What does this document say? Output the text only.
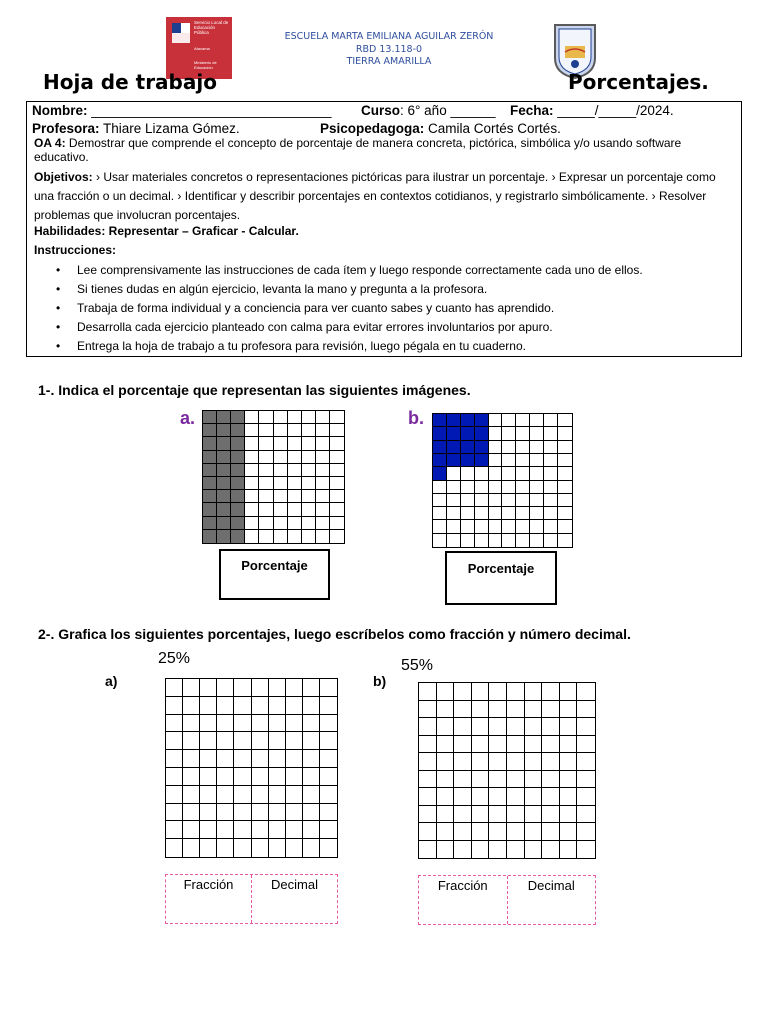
Servicio Local de Educación Pública
Atacama
Ministerio de Educación
ESCUELA MARTA EMILIANA AGUILAR ZERÓN
RBD 13.118-0
TIERRA AMARILLA
Hoja de trabajo	Porcentajes.
Nombre: ________________________________ Curso: 6° año ______ Fecha: _____/_____/2024.
Profesora: Thiare Lizama Gómez.	Psicopedagoga: Camila Cortés Cortés.
OA 4: Demostrar que comprende el concepto de porcentaje de manera concreta, pictórica, simbólica y/o usando software educativo.
Objetivos: › Usar materiales concretos o representaciones pictóricas para ilustrar un porcentaje. › Expresar un porcentaje como una fracción o un decimal. › Identificar y describir porcentajes en contextos cotidianos, y registrarlo simbólicamente. › Resolver problemas que involucran porcentajes.
Habilidades: Representar – Graficar - Calcular.
Instrucciones:
• Lee comprensivamente las instrucciones de cada ítem y luego responde correctamente cada uno de ellos.
• Si tienes dudas en algún ejercicio, levanta la mano y pregunta a la profesora.
• Trabaja de forma individual y a conciencia para ver cuanto sabes y cuanto has aprendido.
• Desarrolla cada ejercicio planteado con calma para evitar errores involuntarios por apuro.
• Entrega la hoja de trabajo a tu profesora para revisión, luego pégala en tu cuaderno.
1-. Indica el porcentaje que representan las siguientes imágenes.
a.
Porcentaje
b.
Porcentaje
2-. Grafica los siguientes porcentajes, luego escríbelos como fracción y número decimal.
25%
a)
Fracción	Decimal
55%
b)
Fracción	Decimal
